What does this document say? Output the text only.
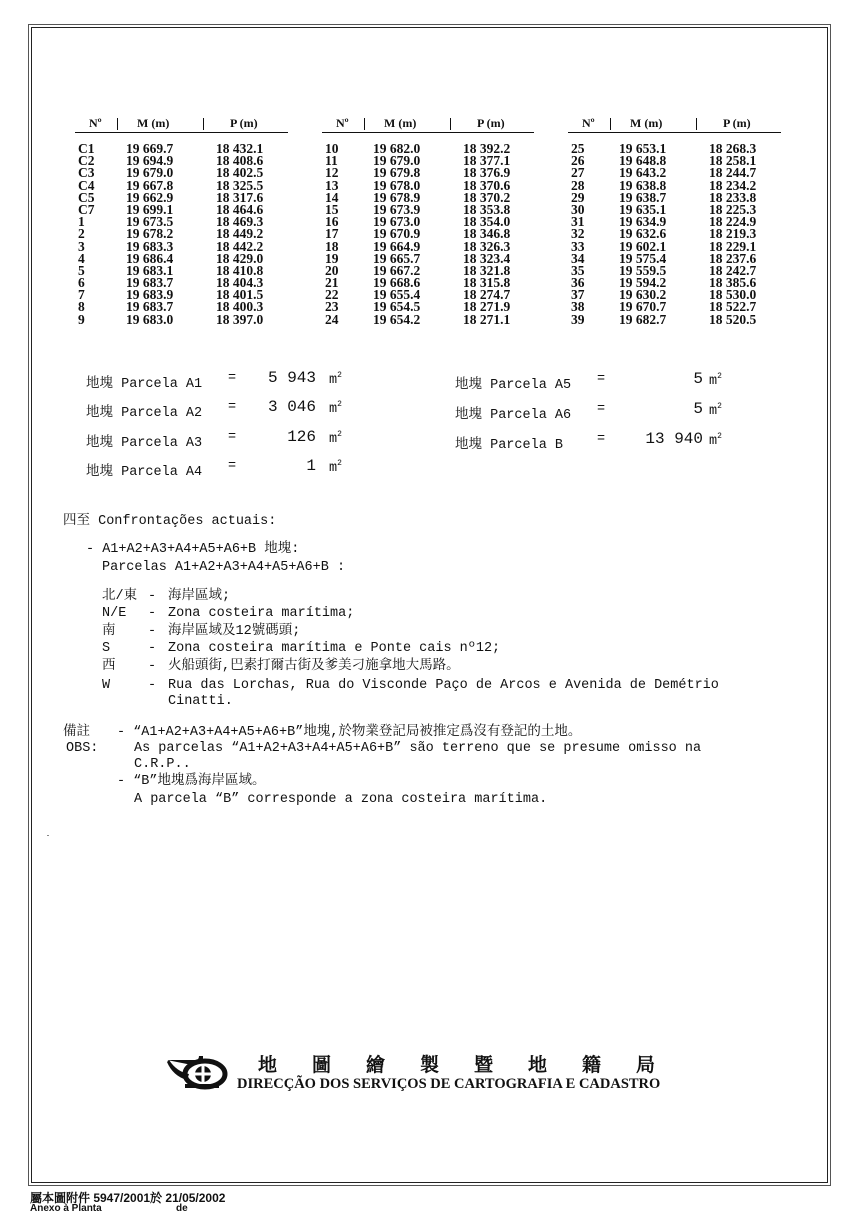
Nº	M (m)	P (m)
C1 19 669.7	18 432.1
C2 19 694.9	18 408.6
C3 19 679.0	18 402.5
C4 19 667.8	18 325.5
C5 19 662.9	18 317.6
C7 19 699.1	18 464.6
1	19 673.5	18 469.3
2	19 678.2	18 449.2
3	19 683.3	18 442.2
4	19 686.4	18 429.0
5	19 683.1	18 410.8
6	19 683.7	18 404.3
7	19 683.9	18 401.5
8	19 683.7	18 400.3
9	19 683.0	18 397.0
Nº	M (m)	P (m)
10	19 682.0	18 392.2
11	19 679.0	18 377.1
12	19 679.8	18 376.9
13	19 678.0	18 370.6
14	19 678.9	18 370.2
15	19 673.9	18 353.8
16	19 673.0	18 354.0
17	19 670.9	18 346.8
18	19 664.9	18 326.3
19	19 665.7	18 323.4
20	19 667.2	18 321.8
21	19 668.6	18 315.8
22	19 655.4	18 274.7
23	19 654.5	18 271.9
24	19 654.2	18 271.1
Nº	M (m)	P (m)
25	19 653.1	18 268.3
26	19 648.8	18 258.1
27	19 643.2	18 244.7
28	19 638.8	18 234.2
29	19 638.7	18 233.8
30	19 635.1	18 225.3
31	19 634.9	18 224.9
32	19 632.6	18 219.3
33	19 602.1	18 229.1
34	19 575.4	18 237.6
35	19 559.5	18 242.7
36	19 594.2	18 385.6
37	19 630.2	18 530.0
38	19 670.7	18 522.7
39	19 682.7	18 520.5
地塊 Parcela A1 =	5 943 $m^2$
地塊 Parcela A2 =	3 046 $m^2$
地塊 Parcela A3 =	126 $m^2$
地塊 Parcela A4 =	1 $m^2$
地塊 Parcela A5 =	5 $m^2$
地塊 Parcela A6 =	5 $m^2$
地塊 Parcela B	=	13 940 $m^2$
四至 Confrontações actuais:
- A1+A2+A3+A4+A5+A6+B 地塊:
Parcelas A1+A2+A3+A4+A5+A6+B :
北/東 - 海岸區域;
N/E - Zona costeira marítima;
南 - 海岸區域及12號碼頭;
S	- Zona costeira marítima e Ponte cais nº12;
西 - 火船頭街,巴素打爾古街及爹美刁施拿地大馬路。
W	- Rua das Lorchas, Rua do Visconde Paço de Arcos e Avenida de Demétrio
Cinatti.
備註
OBS:
- “A1+A2+A3+A4+A5+A6+B”地塊,於物業登記局被推定爲沒有登記的土地。
As parcelas “A1+A2+A3+A4+A5+A6+B” são terreno que se presume omisso na
C.R.P..
- “B”地塊爲海岸區域。
A parcela “B” corresponde a zona costeira marítima.
地 圖 繪 製 暨 地 籍 局
DIRECÇÃO DOS SERVIÇOS DE CARTOGRAFIA E CADASTRO
屬本圖附件 5947/2001於 21/05/2002
Anexo à Planta	de
